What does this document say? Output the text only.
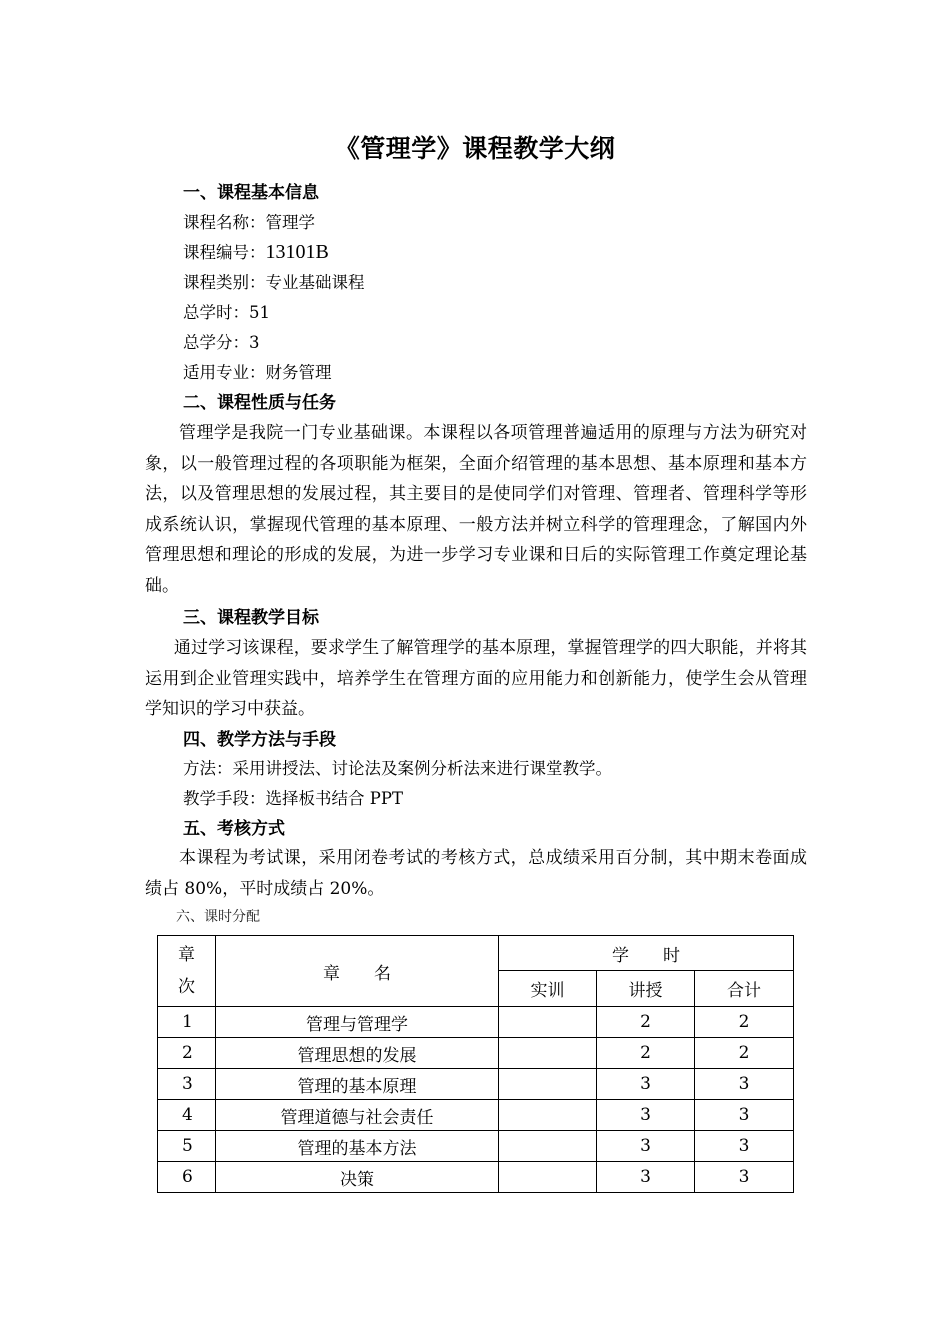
《管理学》课程教学大纲
一、课程基本信息
课程名称：管理学
课程编号：13101B
课程类别：专业基础课程
总学时：51
总学分：3
适用专业：财务管理
二、课程性质与任务
管理学是我院一门专业基础课。本课程以各项管理普遍适用的原理与方法为研究对象，以一般管理过程的各项职能为框架，全面介绍管理的基本思想、基本原理和基本方法，以及管理思想的发展过程，其主要目的是使同学们对管理、管理者、管理科学等形成系统认识，掌握现代管理的基本原理、一般方法并树立科学的管理理念，了解国内外管理思想和理论的形成的发展，为进一步学习专业课和日后的实际管理工作奠定理论基础。
三、课程教学目标
通过学习该课程，要求学生了解管理学的基本原理，掌握管理学的四大职能，并将其运用到企业管理实践中，培养学生在管理方面的应用能力和创新能力，使学生会从管理学知识的学习中获益。
四、教学方法与手段
方法：采用讲授法、讨论法及案例分析法来进行课堂教学。
教学手段：选择板书结合 PPT
五、考核方式
本课程为考试课，采用闭卷考试的考核方式，总成绩采用百分制，其中期末卷面成绩占 80%，平时成绩占 20%。
六、课时分配
章
次	章　　名	学　　时		
		实训	讲授	合计
1	管理与管理学		2	2
2	管理思想的发展		2	2
3	管理的基本原理		3	3
4	管理道德与社会责任		3	3
5	管理的基本方法		3	3
6	决策		3	3
